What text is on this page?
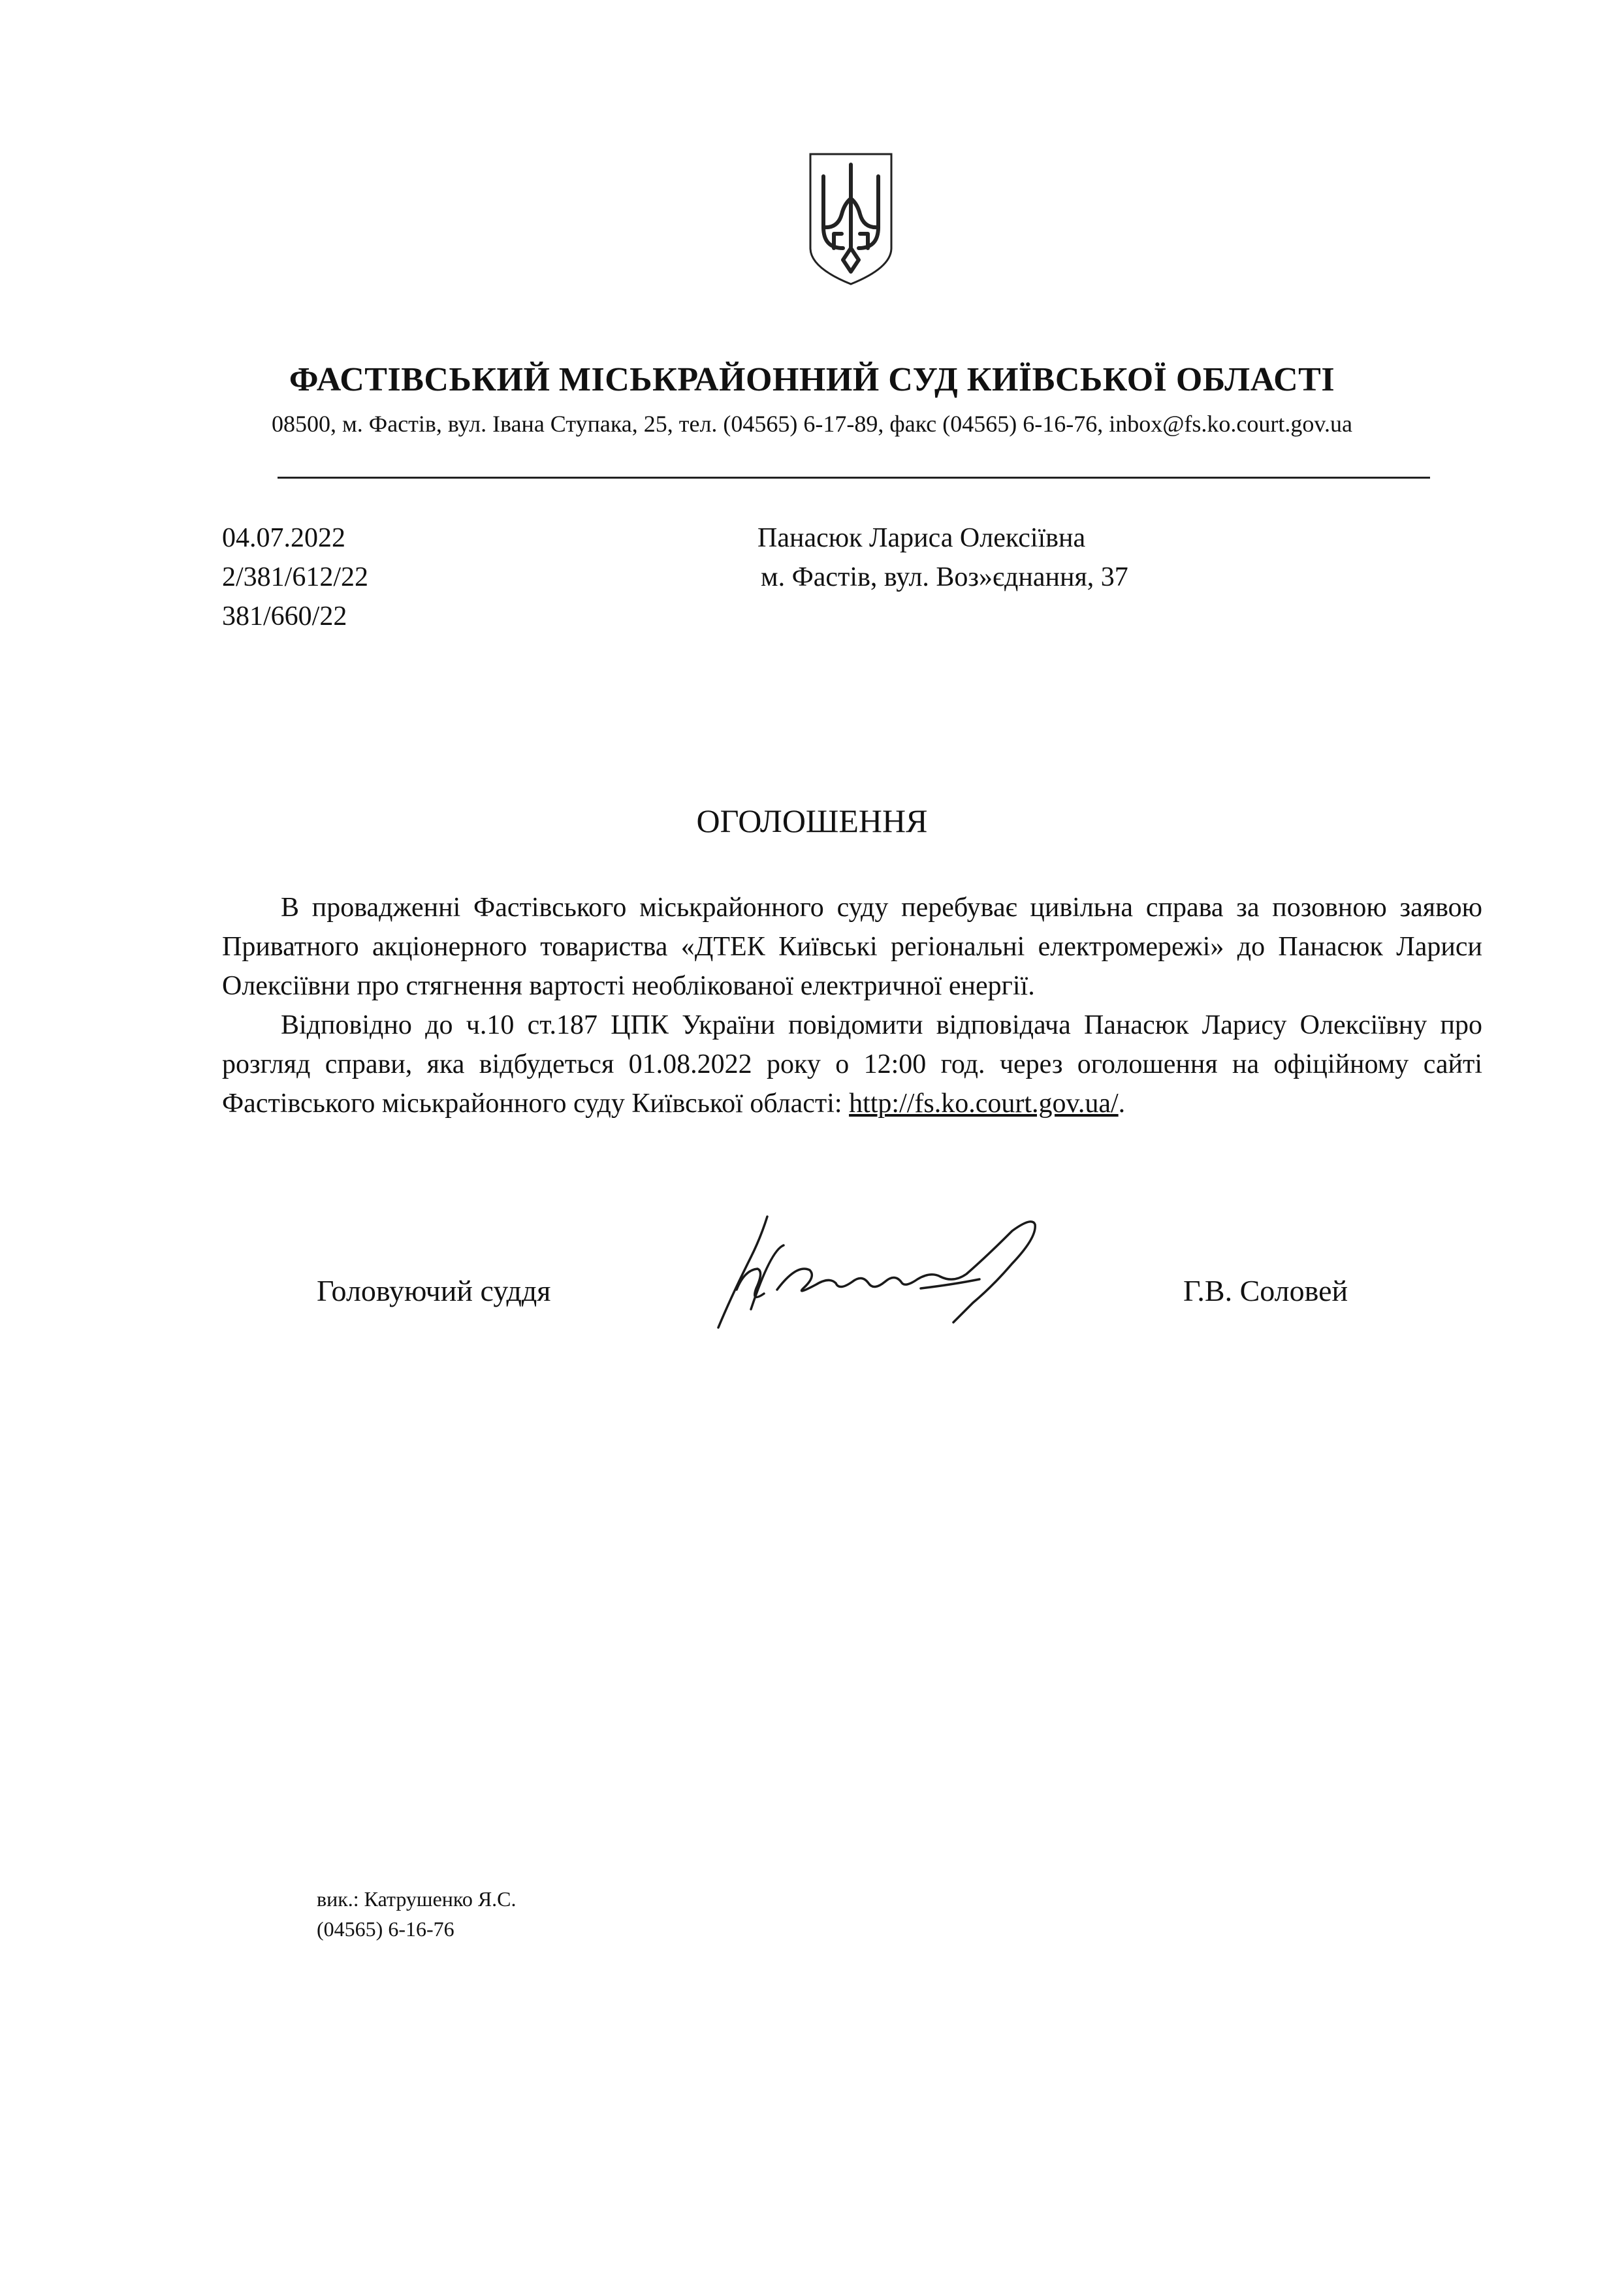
ФАСТІВСЬКИЙ МІСЬКРАЙОННИЙ СУД КИЇВСЬКОЇ ОБЛАСТІ
08500, м. Фастів, вул. Івана Ступака, 25, тел. (04565) 6-17-89, факс (04565) 6-16-76, inbox@fs.ko.court.gov.ua
04.07.2022
2/381/612/22
381/660/22
Панасюк Лариса Олексіївна
м. Фастів, вул. Воз»єднання, 37
ОГОЛОШЕННЯ

В провадженні Фастівського міськрайонного суду перебуває цивільна справа за позовною заявою Приватного акціонерного товариства «ДТЕК Київські регіональні електромережі» до Панасюк Лариси Олексіївни про стягнення вартості необлікованої електричної енергії.

Відповідно до ч.10 ст.187 ЦПК України повідомити відповідача Панасюк Ларису Олексіївну про розгляд справи, яка відбудеться 01.08.2022 року о 12:00 год. через оголошення на офіційному сайті Фастівського міськрайонного суду Київської області: http://fs.ko.court.gov.ua/.

Головуючий суддя	Г.В. Соловей
вик.: Катрушенко Я.С.
(04565) 6-16-76
